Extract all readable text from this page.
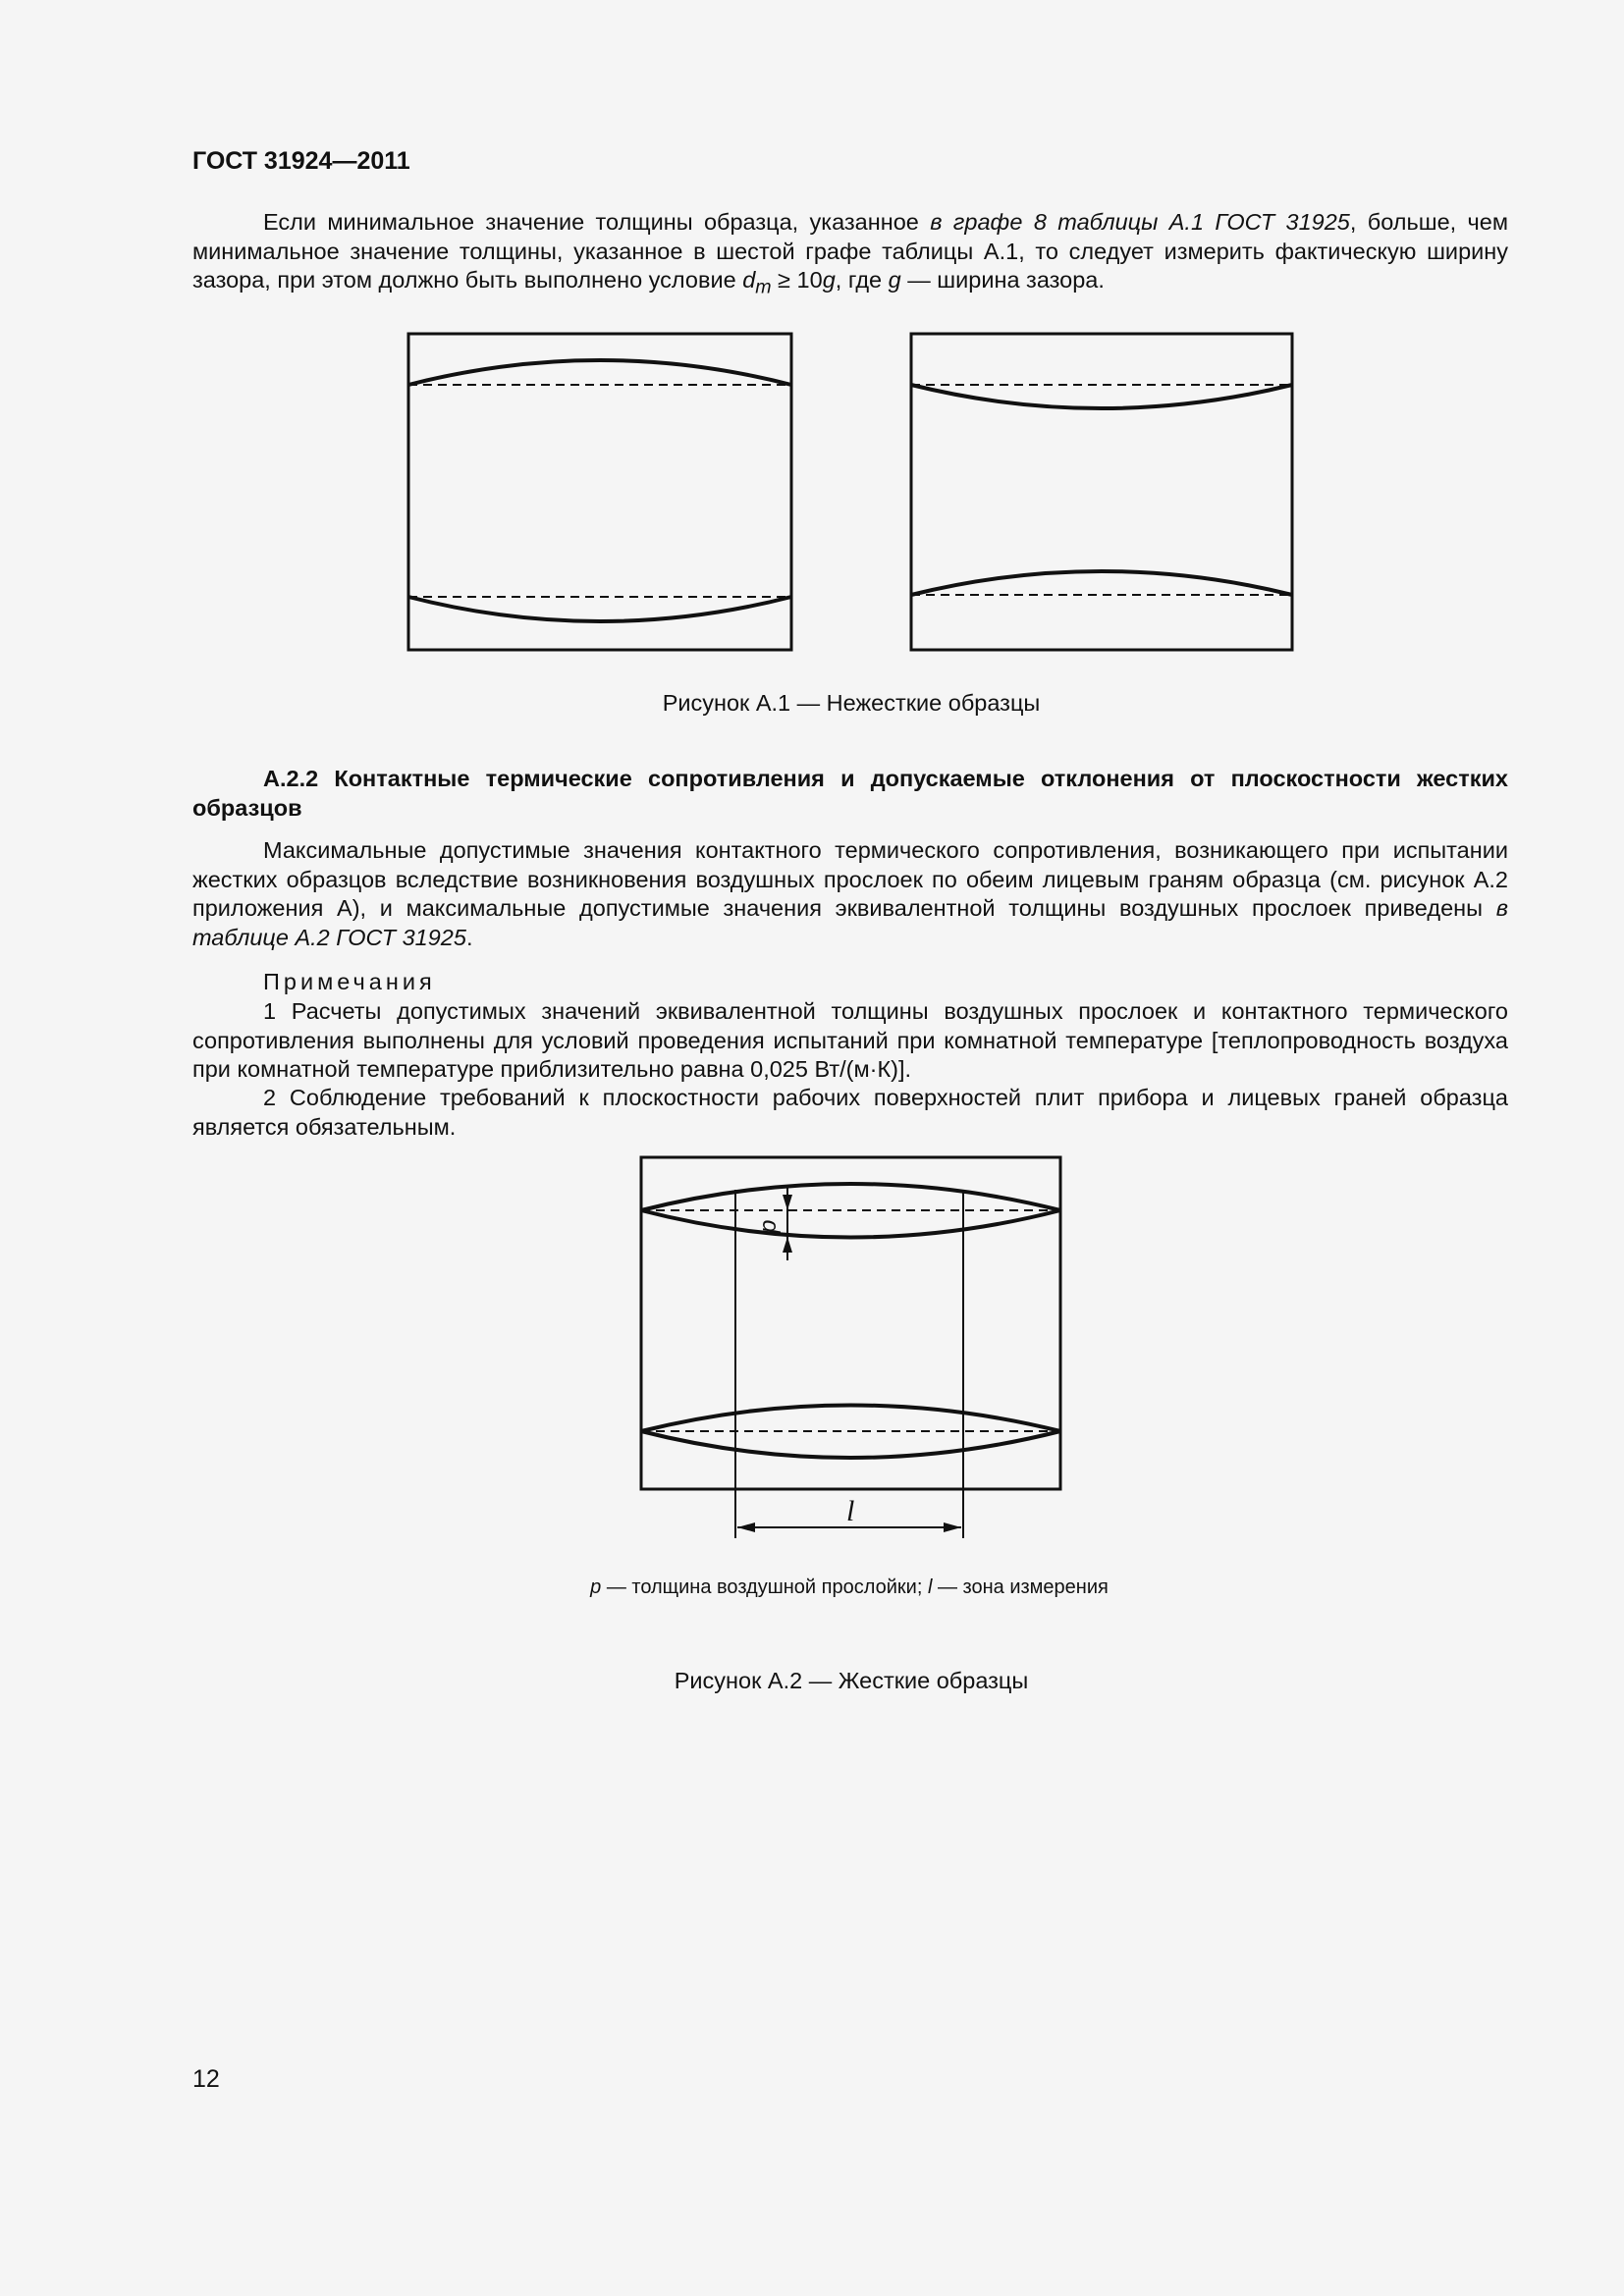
ГОСТ 31924—2011

Если минимальное значение толщины образца, указанное в графе 8 таблицы А.1 ГОСТ 31925, больше, чем минимальное значение толщины, указанное в шестой графе таблицы А.1, то следует измерить фактическую ширину зазора, при этом должно быть выполнено условие $d_m \ge 10g$, где g — ширина зазора.

p
l
Рисунок А.1 — Нежесткие образцы

А.2.2 Контактные термические сопротивления и допускаемые отклонения от плоскостности жестких образцов

Максимальные допустимые значения контактного термического сопротивления, возникающего при испытании жестких образцов вследствие возникновения воздушных прослоек по обеим лицевым граням образца (см. рисунок А.2 приложения А), и максимальные допустимые значения эквивалентной толщины воздушных прослоек приведены в таблице А.2 ГОСТ 31925.

Примечания

1 Расчеты допустимых значений эквивалентной толщины воздушных прослоек и контактного термического сопротивления выполнены для условий проведения испытаний при комнатной температуре [теплопроводность воздуха при комнатной температуре приблизительно равна 0,025 Вт/(м·К)].

2 Соблюдение требований к плоскостности рабочих поверхностей плит прибора и лицевых граней образца является обязательным.

p — толщина воздушной прослойки; l — зона измерения
Рисунок А.2 — Жесткие образцы
12
